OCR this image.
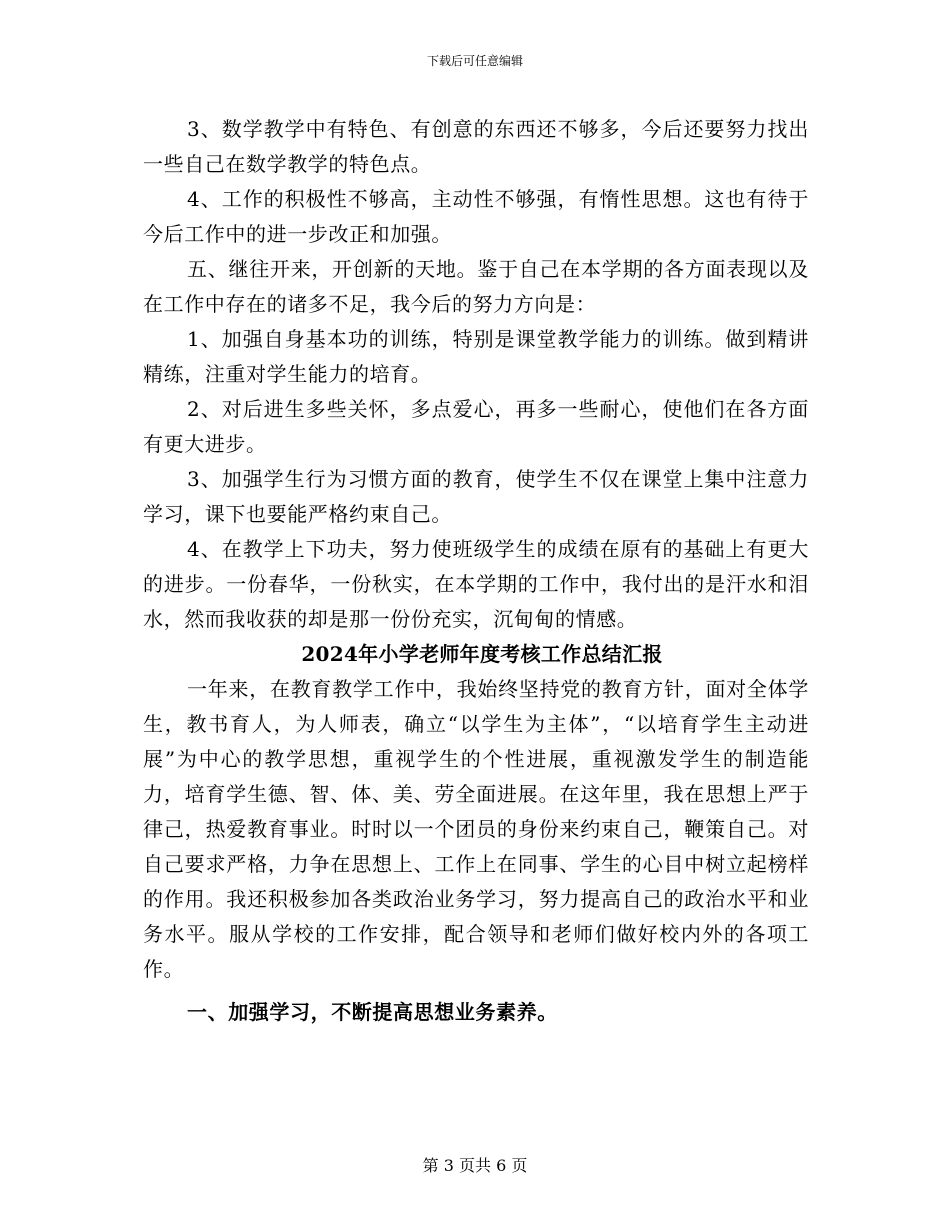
下载后可任意编辑

3、数学教学中有特色、有创意的东西还不够多，今后还要努力找出一些自己在数学教学的特色点。

4、工作的积极性不够高，主动性不够强，有惰性思想。这也有待于今后工作中的进一步改正和加强。

五、继往开来，开创新的天地。鉴于自己在本学期的各方面表现以及在工作中存在的诸多不足，我今后的努力方向是：

1、加强自身基本功的训练，特别是课堂教学能力的训练。做到精讲精练，注重对学生能力的培育。

2、对后进生多些关怀，多点爱心，再多一些耐心，使他们在各方面有更大进步。

3、加强学生行为习惯方面的教育，使学生不仅在课堂上集中注意力学习，课下也要能严格约束自己。

4、在教学上下功夫，努力使班级学生的成绩在原有的基础上有更大的进步。一份春华，一份秋实，在本学期的工作中，我付出的是汗水和泪水，然而我收获的却是那一份份充实，沉甸甸的情感。

2024年小学老师年度考核工作总结汇报

一年来，在教育教学工作中，我始终坚持党的教育方针，面对全体学生，教书育人，为人师表，确立“以学生为主体”，“以培育学生主动进展”为中心的教学思想，重视学生的个性进展，重视激发学生的制造能力，培育学生德、智、体、美、劳全面进展。在这年里，我在思想上严于律己，热爱教育事业。时时以一个团员的身份来约束自己，鞭策自己。对自己要求严格，力争在思想上、工作上在同事、学生的心目中树立起榜样的作用。我还积极参加各类政治业务学习，努力提高自己的政治水平和业务水平。服从学校的工作安排，配合领导和老师们做好校内外的各项工作。

一、加强学习，不断提高思想业务素养。
第 3 页共 6 页
